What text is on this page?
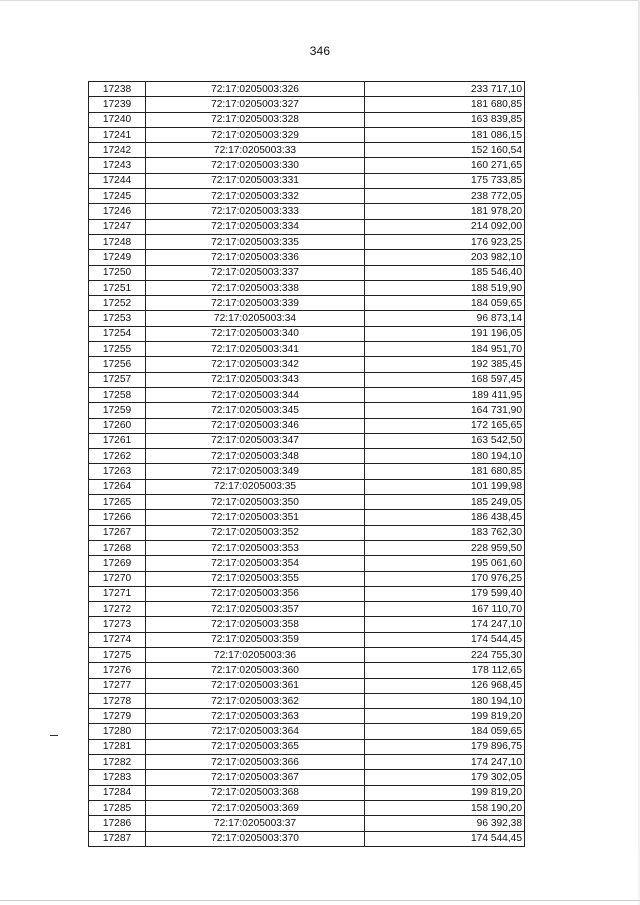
346
17238	72:17:0205003:326	233 717,10
17239	72:17:0205003:327	181 680,85
17240	72:17:0205003:328	163 839,85
17241	72:17:0205003:329	181 086,15
17242	72:17:0205003:33	152 160,54
17243	72:17:0205003:330	160 271,65
17244	72:17:0205003:331	175 733,85
17245	72:17:0205003:332	238 772,05
17246	72:17:0205003:333	181 978,20
17247	72:17:0205003:334	214 092,00
17248	72:17:0205003:335	176 923,25
17249	72:17:0205003:336	203 982,10
17250	72:17:0205003:337	185 546,40
17251	72:17:0205003:338	188 519,90
17252	72:17:0205003:339	184 059,65
17253	72:17:0205003:34	96 873,14
17254	72:17:0205003:340	191 196,05
17255	72:17:0205003:341	184 951,70
17256	72:17:0205003:342	192 385,45
17257	72:17:0205003:343	168 597,45
17258	72:17:0205003:344	189 411,95
17259	72:17:0205003:345	164 731,90
17260	72:17:0205003:346	172 165,65
17261	72:17:0205003:347	163 542,50
17262	72:17:0205003:348	180 194,10
17263	72:17:0205003:349	181 680,85
17264	72:17:0205003:35	101 199,98
17265	72:17:0205003:350	185 249,05
17266	72:17:0205003:351	186 438,45
17267	72:17:0205003:352	183 762,30
17268	72:17:0205003:353	228 959,50
17269	72:17:0205003:354	195 061,60
17270	72:17:0205003:355	170 976,25
17271	72:17:0205003:356	179 599,40
17272	72:17:0205003:357	167 110,70
17273	72:17:0205003:358	174 247,10
17274	72:17:0205003:359	174 544,45
17275	72:17:0205003:36	224 755,30
17276	72:17:0205003:360	178 112,65
17277	72:17:0205003:361	126 968,45
17278	72:17:0205003:362	180 194,10
17279	72:17:0205003:363	199 819,20
17280	72:17:0205003:364	184 059,65
17281	72:17:0205003:365	179 896,75
17282	72:17:0205003:366	174 247,10
17283	72:17:0205003:367	179 302,05
17284	72:17:0205003:368	199 819,20
17285	72:17:0205003:369	158 190,20
17286	72:17:0205003:37	96 392,38
17287	72:17:0205003:370	174 544,45
